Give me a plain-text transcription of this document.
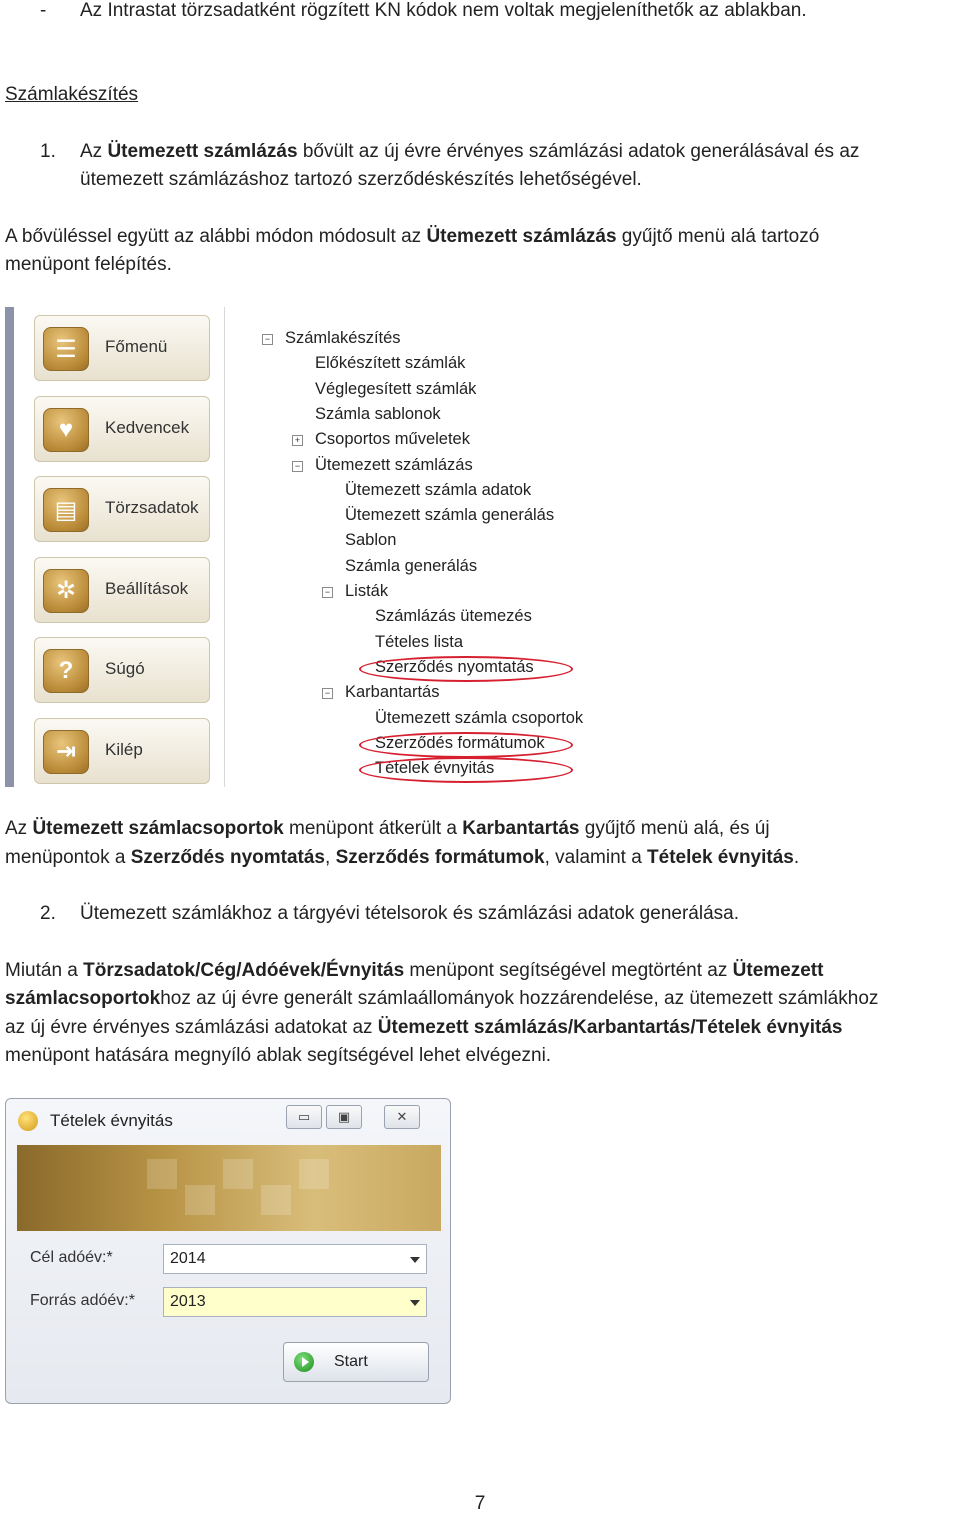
- Az Intrastat törzsadatként rögzített KN kódok nem voltak megjeleníthetők az ablakban.
Számlakészítés
1. Az Ütemezett számlázás bővült az új évre érvényes számlázási adatok generálásával és az
ütemezett számlázáshoz tartozó szerződéskészítés lehetőségével.
A bővüléssel együtt az alábbi módon módosult az Ütemezett számlázás gyűjtő menü alá tartozó
menüpont felépítés.
☰	Főmenü
♥	Kedvencek
▤	Törzsadatok
✲	Beállítások
?	Súgó
⇥	Kilép
Számlakészítés
−
Előkészített számlák
Véglegesített számlák
Számla sablonok
Csoportos műveletek
+
Ütemezett számlázás
−
Ütemezett számla adatok
Ütemezett számla generálás
Sablon
Számla generálás
Listák
−
Számlázás ütemezés
Tételes lista
Szerződés nyomtatás
Karbantartás
−
Ütemezett számla csoportok
Szerződés formátumok
Tételek évnyitás
Az Ütemezett számlacsoportok menüpont átkerült a Karbantartás gyűjtő menü alá, és új
menüpontok a Szerződés nyomtatás, Szerződés formátumok, valamint a Tételek évnyitás.
2. Ütemezett számlákhoz a tárgyévi tételsorok és számlázási adatok generálása.
Miután a Törzsadatok/Cég/Adóévek/Évnyitás menüpont segítségével megtörtént az Ütemezett
számlacsoportokhoz az új évre generált számlaállományok hozzárendelése, az ütemezett számlákhoz
az új évre érvényes számlázási adatokat az Ütemezett számlázás/Karbantartás/Tételek évnyitás
menüpont hatására megnyíló ablak segítségével lehet elvégezni.
Tételek évnyitás	▭	▣	✕
Cél adóév:*	2014
Forrás adóév:* 2013
Start
7
